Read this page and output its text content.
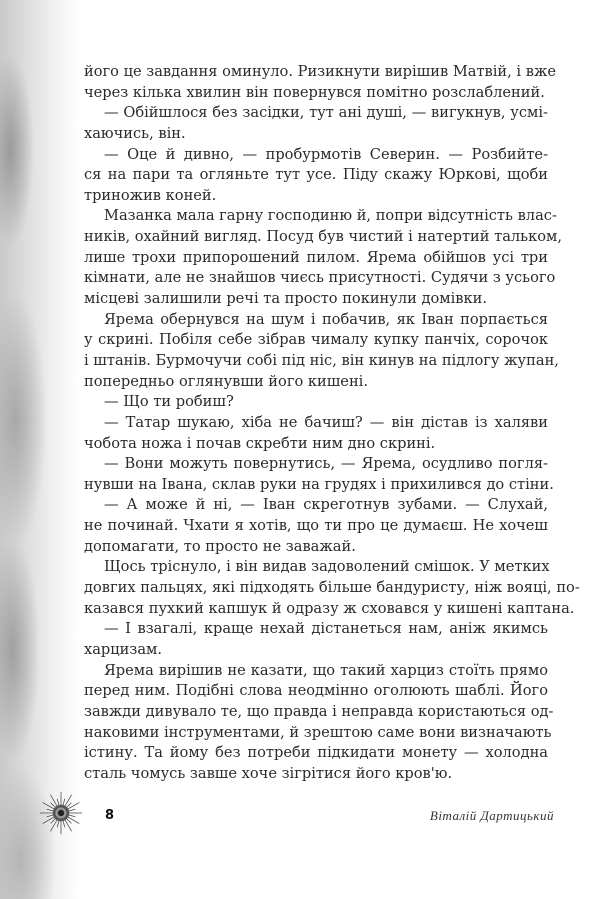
його це завдання оминуло. Ризикнути вирішив Матвій, і вже
через кілька хвилин він повернувся помітно розслаблений.
— Обійшлося без засідки, тут ані душі, — вигукнув, усмі-
хаючись, він.
— Оце й дивно, — пробурмотів Северин. — Розбийте-
ся на пари та огляньте тут усе. Піду скажу Юркові, щоби
триножив коней.
Мазанка мала гарну господиню й, попри відсутність влас-
ників, охайний вигляд. Посуд був чистий і натертий тальком,
лише трохи припорошений пилом. Ярема обійшов усі три
кімнати, але не знайшов чиєсь присутності. Судячи з усього
місцеві залишили речі та просто покинули домівки.
Ярема обернувся на шум і побачив, як Іван порпається
у скрині. Побіля себе зібрав чималу купку панчіх, сорочок
і штанів. Бурмочучи собі під ніс, він кинув на підлогу жупан,
попередньо оглянувши його кишені.
— Що ти робиш?
— Татар шукаю, хіба не бачиш? — він дістав із халяви
чобота ножа і почав скребти ним дно скрині.
— Вони можуть повернутись, — Ярема, осудливо погля-
нувши на Івана, склав руки на грудях і прихилився до стіни.
— А може й ні, — Іван скреготнув зубами. — Слухай,
не починай. Чхати я хотів, що ти про це думаєш. Не хочеш
допомагати, то просто не заважай.
Щось тріснуло, і він видав задоволений смішок. У метких
довгих пальцях, які підходять більше бандуристу, ніж вояці, по-
казався пухкий капшук й одразу ж сховався у кишені каптана.
— І взагалі, краще нехай дістанеться нам, аніж якимсь
харцизам.
Ярема вирішив не казати, що такий харциз стоїть прямо
перед ним. Подібні слова неодмінно оголюють шаблі. Його
завжди дивувало те, що правда і неправда користаються од-
наковими інструментами, й зрештою саме вони визначають
істину. Та йому без потреби підкидати монету — холодна
сталь чомусь завше хоче зігрітися його кров'ю.
8	Віталій Дартицький
